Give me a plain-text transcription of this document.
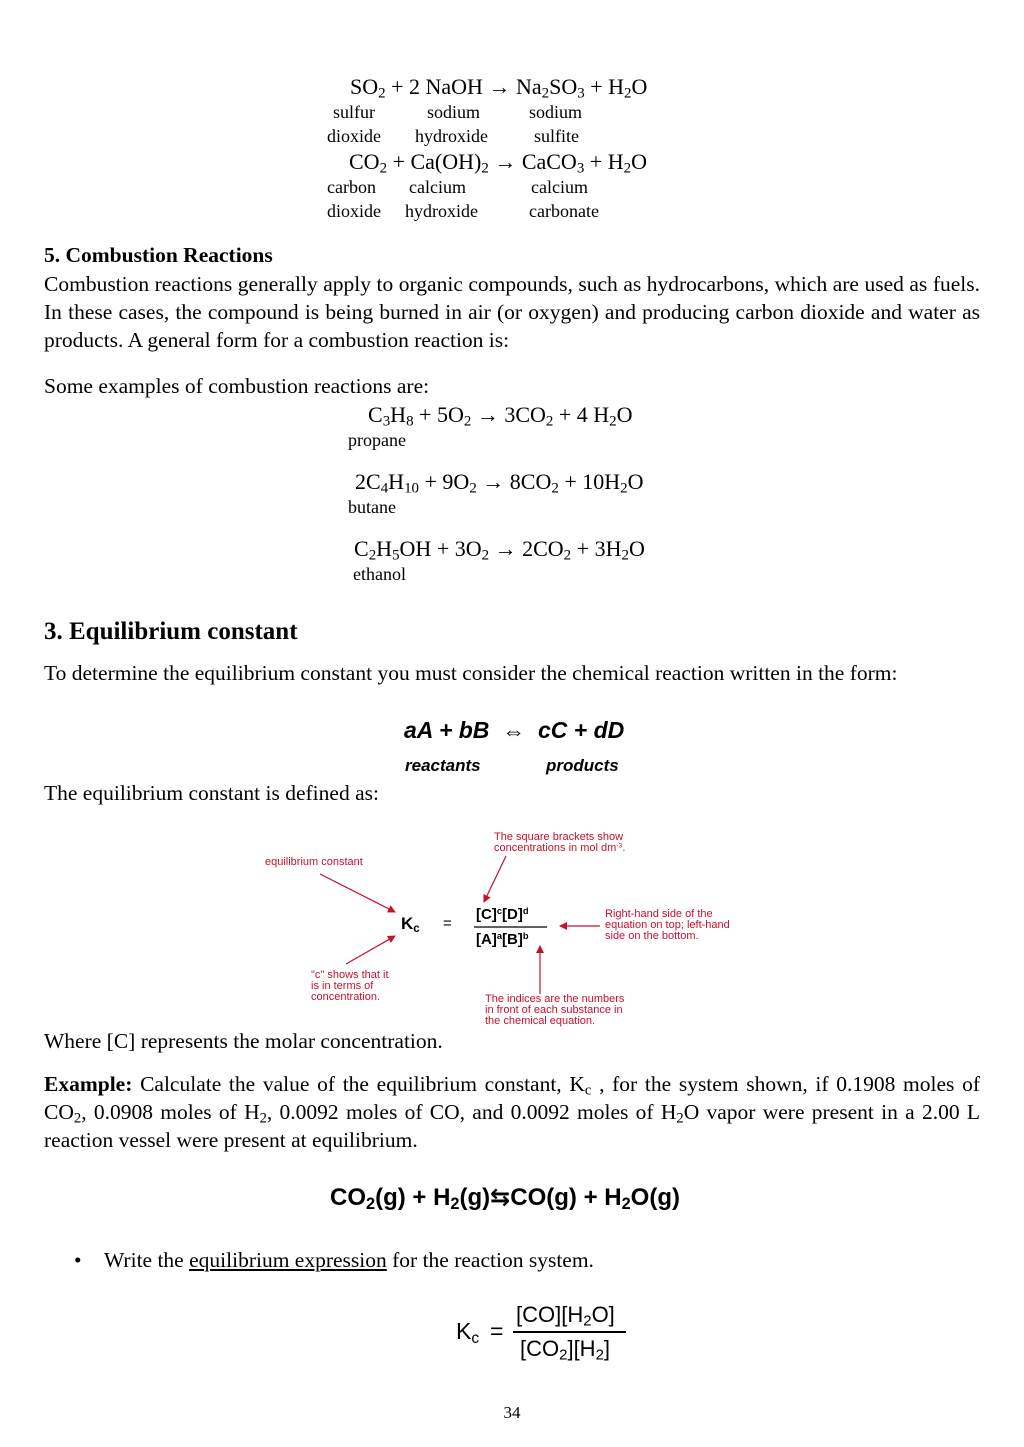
$SO_2 + 2$ NaOH → $Na_2SO_3 + H_2O$
sulfur
dioxide
sodium
hydroxide
sodium
sulfite
$CO_2 + Ca(OH)_2$ → CaCO$_3$ + $H_2O$
carbon
dioxide
calcium
hydroxide
calcium
carbonate
5. Combustion Reactions
Combustion reactions generally apply to organic compounds, such as hydrocarbons, which are used as fuels. In these cases, the compound is being burned in air (or oxygen) and producing carbon dioxide and water as products. A general form for a combustion reaction is:
Some examples of combustion reactions are:
$C_3H_8 + 5O_2 \to 3CO_2 + 4$ $H_2O$
propane
$2C_4H_{10} + 9O_2 \to 8CO_2 + 10H_2O$
butane
$C_2H_5OH + 3O_2 \to 2CO_2 + 3H_2O$
ethanol
3. Equilibrium constant
To determine the equilibrium constant you must consider the chemical reaction written in the form:
aA + bB  ⇔  cC + dD
reactants	products
The equilibrium constant is defined as:
The square brackets show
concentrations in mol $dm^{-3}$.
equilibrium constant
Right-hand side of the
equation on top; left-hand
side on the bottom.
"c" shows that it
is in terms of
concentration.	The indices are the numbers
in front of each substance in
the chemical equation.
$K_c$ =
$[C]^c[D]^d$
$[A]^a[B]^b$
Where [C] represents the molar concentration.
Example: Calculate the value of the equilibrium constant, $K_c$ , for the system shown, if 0.1908 moles of $CO_2$, 0.0908 moles of $H_2$, 0.0092 moles of CO, and 0.0092 moles of $H_2O$ vapor were present in a 2.00 L reaction vessel were present at equilibrium.
$CO_2(g)$ + $H_2(g)⇆CO(g) + H_2O(g)$
• Write the equilibrium expression for the reaction system.
$K_c$ =
$[CO][H_2O]$
$[CO_2][H_2]$
34
